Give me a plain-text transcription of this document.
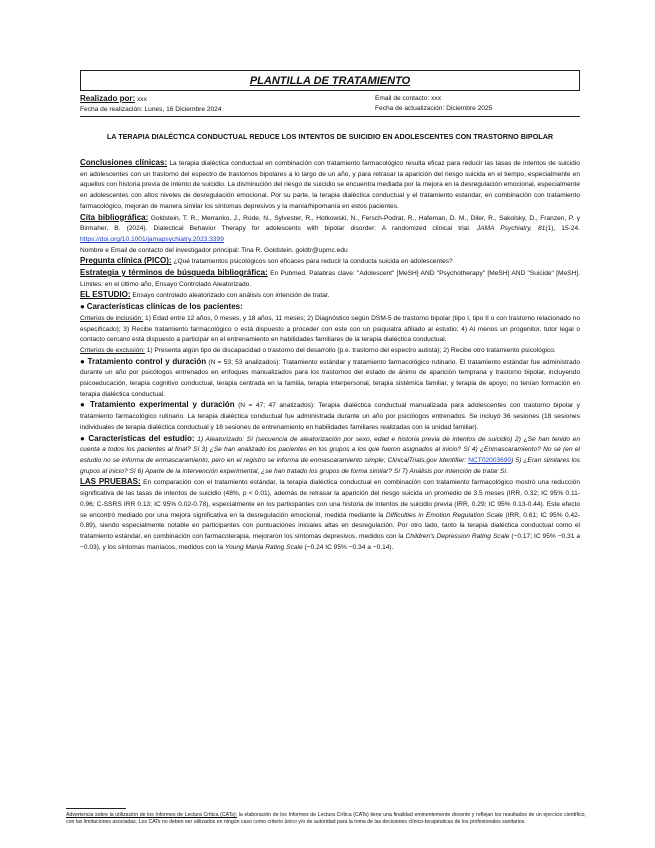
PLANTILLA DE TRATAMIENTO
Realizado por: xxx
Fecha de realización: Lunes, 16 Diciembre 2024
Email de contacto: xxx
Fecha de actualización: Diciembre 2025
LA TERAPIA DIALÉCTICA CONDUCTUAL REDUCE LOS INTENTOS DE SUICIDIO EN ADOLESCENTES CON TRASTORNO BIPOLAR

Conclusiones clínicas: La terapia dialéctica conductual en combinación con tratamiento farmacológico resulta eficaz para reducir las tasas de intentos de suicidio en adolescentes con un trastorno del espectro de trastornos bipolares a lo largo de un año, y para retrasar la aparición del riesgo suicida en el tiempo, especialmente en aquellos con historia previa de intento de suicidio. La disminución del riesgo de suicidio se encuentra mediada por la mejora en la desregulación emocional, especialmente en adolescentes con altos niveles de desregulación emocional. Por su parte, la terapia dialéctica conductual y el tratamiento estandar, en combinación con tratamiento farmacológico, mejoran de manera similar los síntomas depresivos y la manía/hipomanía en estos pacientes.

Cita bibliográfica: Goldstein, T. R., Merranko, J., Rode, N., Sylvester, R., Hotkowski, N., Fersch-Podrat, R., Hafeman, D. M., Diler, R., Sakolsky, D., Franzen, P. y Birmaher, B. (2024). Dialectical Behavior Therapy for adolescents with bipolar disorder: A randomized clinical trial. JAMA Psychiatry, 81(1), 15-24. https://doi.org/10.1001/jamapsychiatry.2023.3399

Nombre e Email de contacto del investigador principal: Tina R. Goldstein. goldtr@upmc.edu

Pregunta clínica (PICO): ¿Qué tratamientos psicológicos son eficaces para reducir la conducta suicida en adolescentes?

Estrategia y términos de búsqueda bibliográfica: En Pubmed. Palabras clave: "Adolescent" [MeSH] AND "Psychotherapy" [MeSH] AND "Suicide" [MeSH]. Límites: en el último año, Ensayo Controlado Aleatorizado.

EL ESTUDIO: Ensayo controlado aleatorizado con análisis con intención de tratar.

● Características clínicas de los pacientes:

Criterios de inclusión: 1) Edad entre 12 años, 0 meses, y 18 años, 11 meses; 2) Diagnóstico según DSM-5 de trastorno bipolar (tipo I, tipo II o con trastorno relacionado no especificado); 3) Recibe tratamiento farmacológico o está dispuesto a proceder con este con un psiquiatra afiliado al estudio; 4) Al menos un progenitor, tutor legal o contacto cercano está dispuesto a participar en el entrenamiento en habilidades familiares de la terapia dialéctica conductual.

Criterios de exclusión: 1) Presenta algún tipo de discapacidad o trastorno del desarrollo (p.e. trastorno del espectro autista); 2) Recibe otro tratamiento psicológico.

● Tratamiento control y duración (N = 53; 53 analizados): Tratamiento estándar y tratamiento farmacológico rutinario. El tratamiento estándar fue administrado durante un año por psicólogos entrenados en enfoques manualizados para los trastornos del estado de ánimo de aparición temprana y trastorno bipolar, incluyendo psicoeducación, terapia cognitivo conductual, terapia centrada en la familia, terapia interpersonal, terapia sistémica familiar, y terapia de apoyo; no tenían formación en terapia dialéctica conductual.

● Tratamiento experimental y duración (N = 47; 47 analizados): Terapia dialéctica conductual manualizada para adolescentes con trastorno bipolar y tratamiento farmacológico rutinario. La terapia dialéctica conductual fue administrada durante un año por psicólogos entrenados. Se incluyó 36 sesiones (18 sesiones individuales de terapia dialéctica conductual y 18 sesiones de entrenamiento en habilidades familiares realizadas con la unidad familiar).

● Características del estudio: 1) Aleatorizado: Sí (secuencia de aleatorización por sexo, edad e historia previa de intentos de suicidio) 2) ¿Se han tenido en cuenta a todos los pacientes al final? Sí 3) ¿Se han analizado los pacientes en los grupos a los que fueron asignados al inicio? Sí 4) ¿Enmascaramiento? No sé (en el estudio no se informa de enmascaramiento, pero en el registro se informa de enmascaramiento simple; ClinicalTrials.gov Identifier: NCT02003690) 5) ¿Eran similares los grupos al inicio? Sí 6) Aparte de la intervención experimental, ¿se han tratado los grupos de forma similar? Sí 7) Análisis por intención de tratar Sí.

LAS PRUEBAS: En comparación con el tratamiento estándar, la terapia dialéctica conductual en combinación con tratamiento farmacológico mostró una reducción significativa de las tasas de intentos de suicidio (48%, p < 0.01), además de retrasar la aparición del riesgo suicida un promedio de 3.5 meses (IRR, 0.32; IC 95% 0.11-0.96; C-SSRS IRR 0.13; IC 95% 0.02-0.78), especialmente en los participantes con una historia de intentos de suicidio previa (IRR, 0.29; IC 95% 0.13-0.44). Este efecto se encontró mediado por una mejora significativa en la desregulación emocional, medida mediante la Difficulties in Emotion Regulation Scale (IRR, 0.61; IC 95% 0.42-0.89), siendo especialmente notable en participantes con puntuaciones iniciales altas en desregulación. Por otro lado, tanto la terapia dialéctica conductual como el tratamiento estándar, en combinación con farmacoterapia, mejoraron los síntomas depresivos, medidos con la Children's Depression Rating Scale (−0.17; IC 95% −0.31 a −0.03), y los síntomas maníacos, medidos con la Young Mania Rating Scale (−0.24 IC 95% −0.34 a −0.14).

Advertencia sobre la utilización de los Informes de Lectura Crítica (CATs): la elaboración de los Informes de Lectura Crítica (CATs) tiene una finalidad eminentemente docente y reflejan los resultados de un ejercicio científico, con las limitaciones asociadas. Los CATs no deben ser utilizados en ningún caso como criterio único y/o de autoridad para la toma de las decisiones clínico-terapéuticas de los profesionales sanitarios.
